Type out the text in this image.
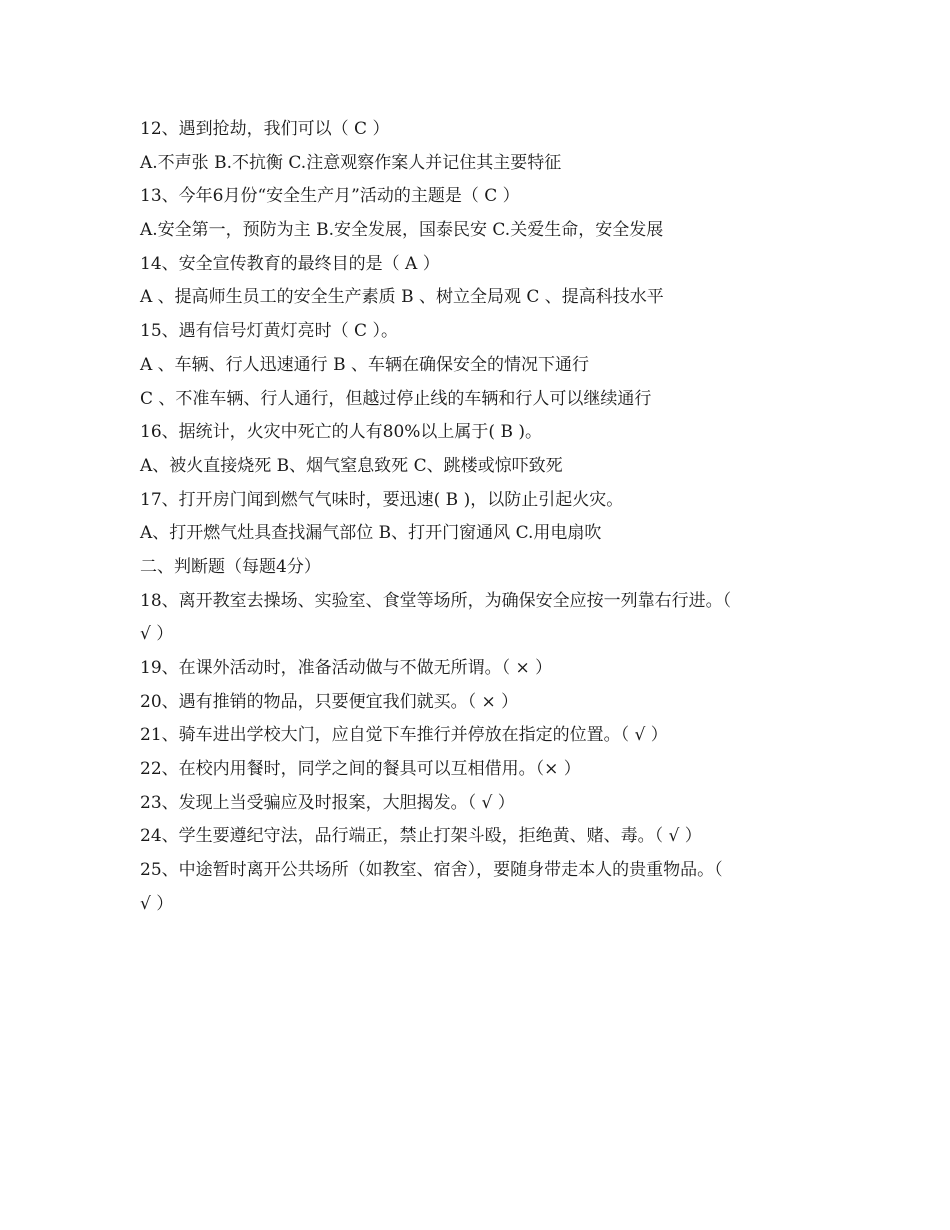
12、遇到抢劫，我们可以（ C ）
A.不声张 B.不抗衡 C.注意观察作案人并记住其主要特征
13、今年6月份“安全生产月”活动的主题是（ C ）
A.安全第一，预防为主 B.安全发展，国泰民安 C.关爱生命，安全发展
14、安全宣传教育的最终目的是（ A ）
A 、提高师生员工的安全生产素质 B 、树立全局观 C 、提高科技水平
15、遇有信号灯黄灯亮时（ C ）。
A 、车辆、行人迅速通行 B 、车辆在确保安全的情况下通行
C 、不准车辆、行人通行，但越过停止线的车辆和行人可以继续通行
16、据统计，火灾中死亡的人有80%以上属于( B )。
A、被火直接烧死 B、烟气窒息致死 C、跳楼或惊吓致死
17、打开房门闻到燃气气味时，要迅速( B )，以防止引起火灾。
A、打开燃气灶具查找漏气部位 B、打开门窗通风 C.用电扇吹
二、判断题（每题4分）
18、离开教室去操场、实验室、食堂等场所，为确保安全应按一列靠右行进。（
√ ）
19、在课外活动时，准备活动做与不做无所谓。（ × ）
20、遇有推销的物品，只要便宜我们就买。（ × ）
21、骑车进出学校大门，应自觉下车推行并停放在指定的位置。（ √ ）
22、在校内用餐时，同学之间的餐具可以互相借用。（× ）
23、发现上当受骗应及时报案，大胆揭发。（ √ ）
24、学生要遵纪守法，品行端正，禁止打架斗殴，拒绝黄、赌、毒。（ √ ）
25、中途暂时离开公共场所（如教室、宿舍），要随身带走本人的贵重物品。（
√ ）
